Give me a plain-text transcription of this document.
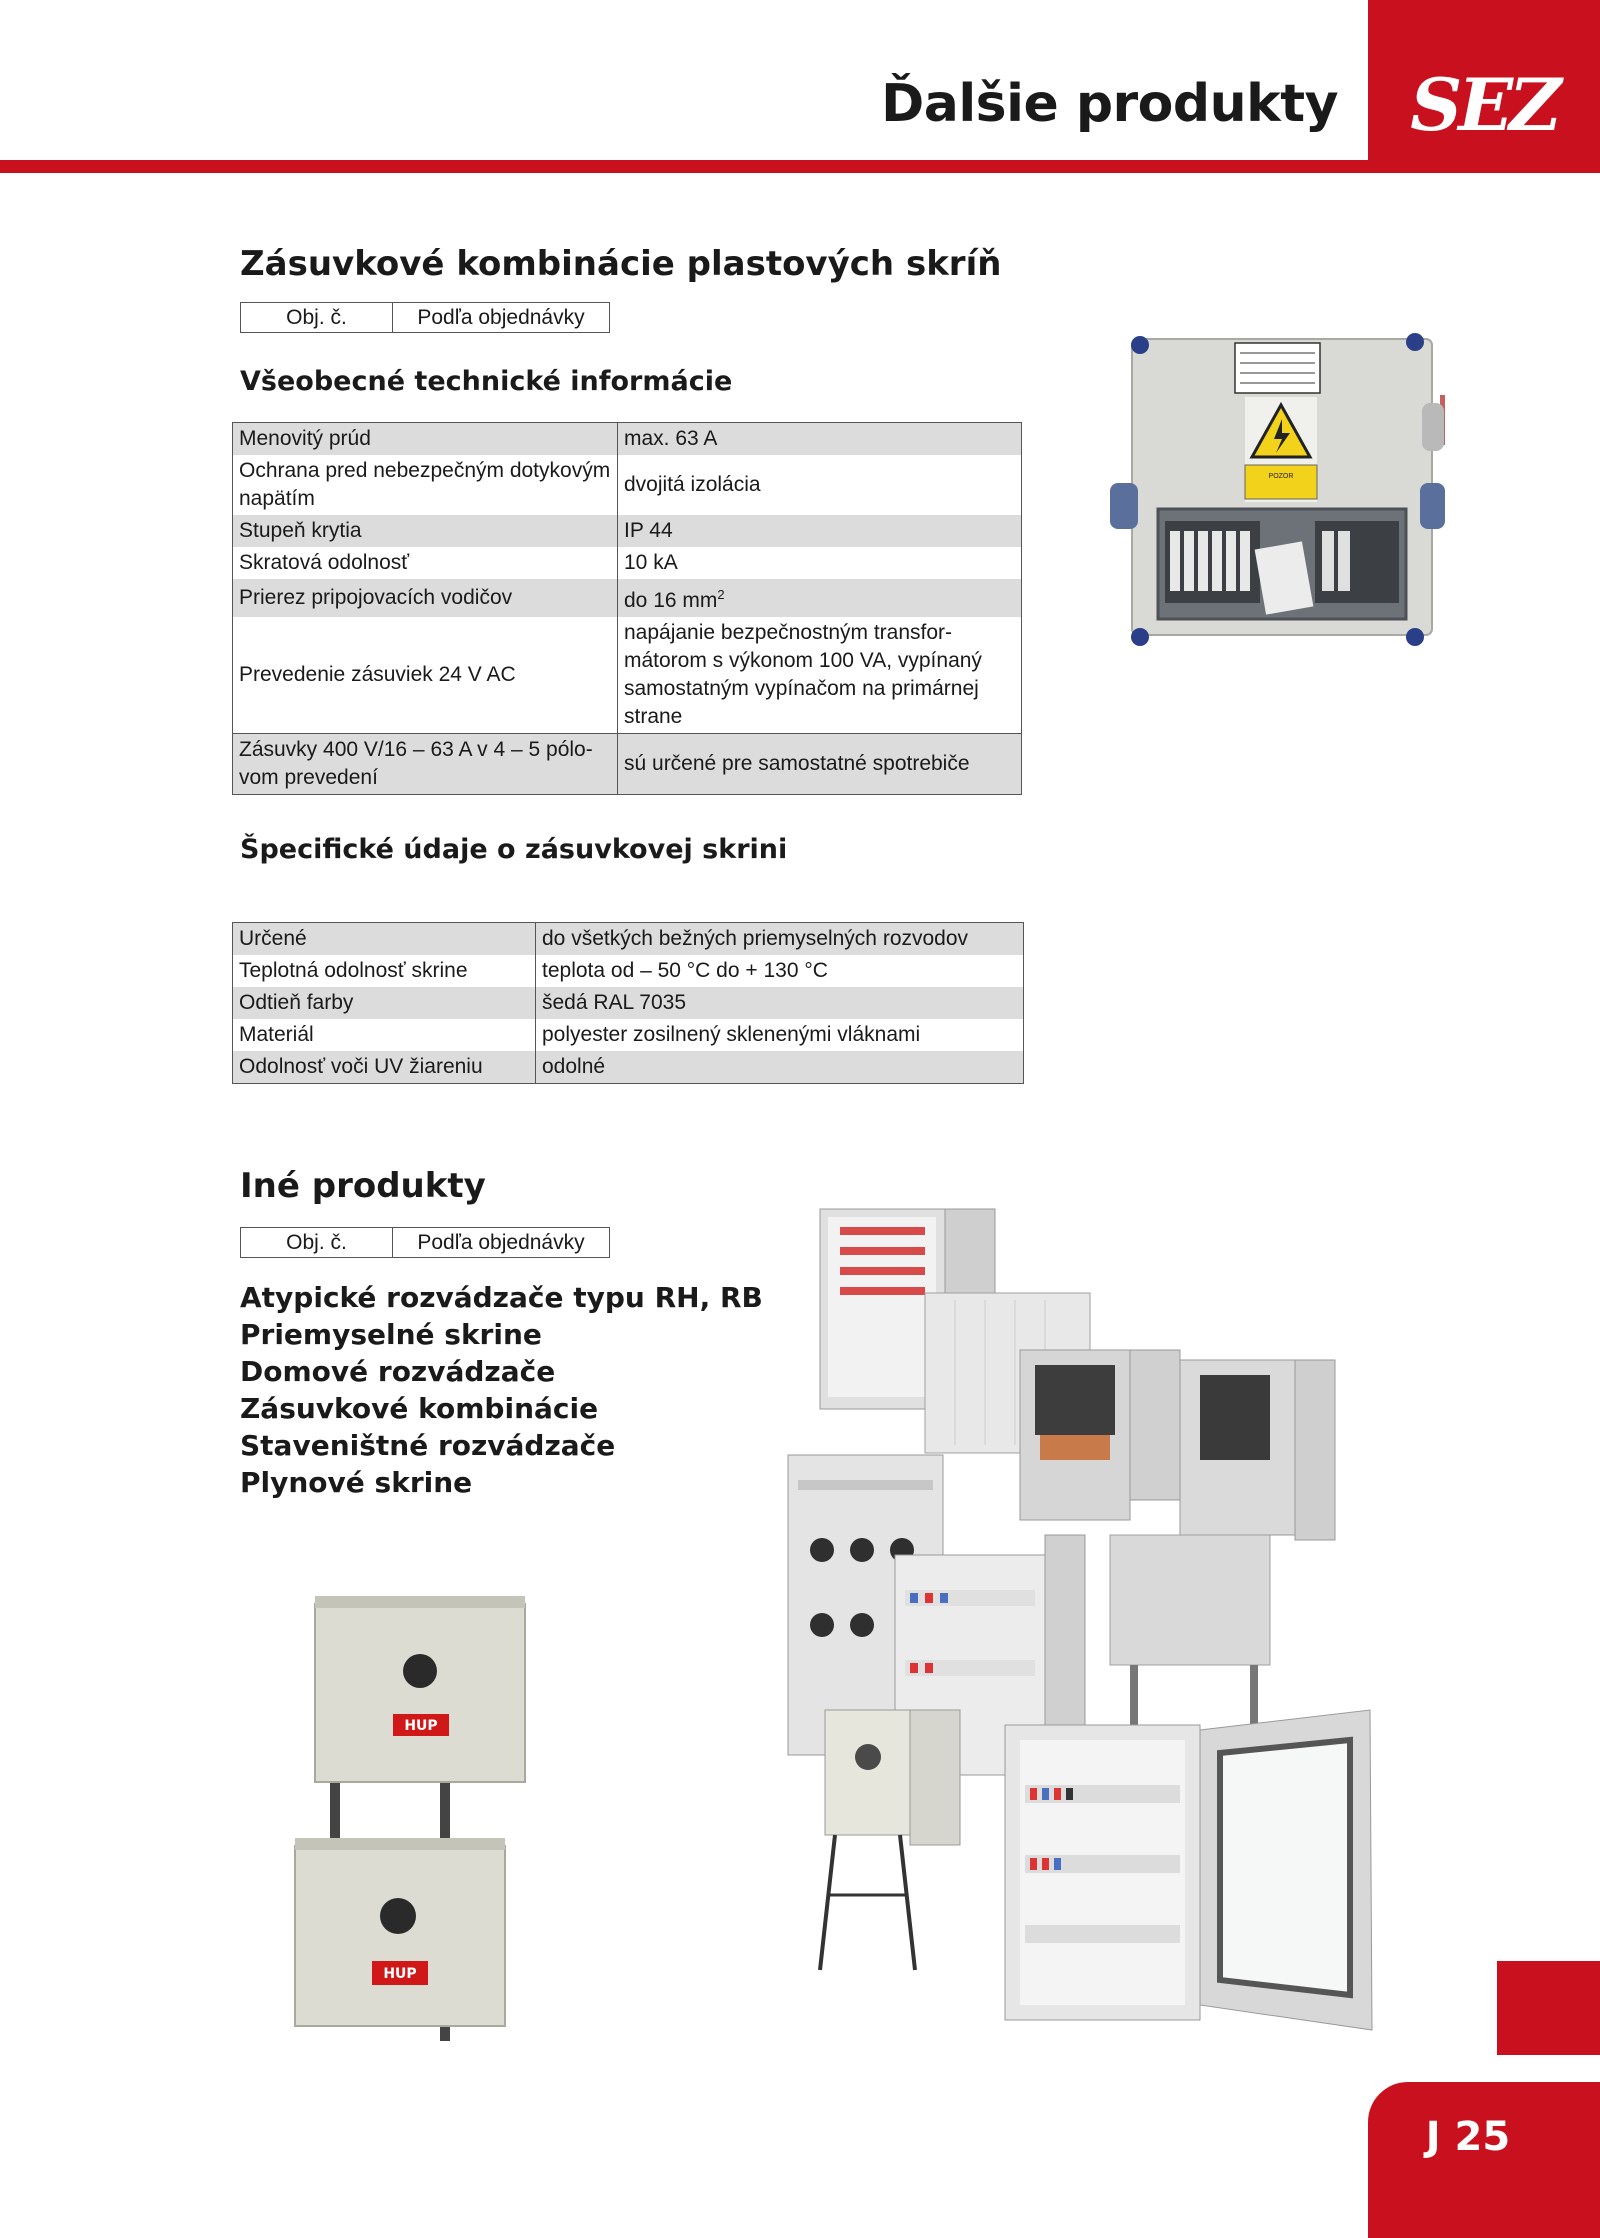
Ďalšie produkty	SEZ
Zásuvkové kombinácie plastových skríň
Obj. č.	Podľa objednávky
Všeobecné technické informácie
Menovitý prúd	max. 63 A
Ochrana pred nebezpečným dotykovým napätím	dvojitá izolácia
Stupeň krytia	IP 44
Skratová odolnosť	10 kA
Prierez pripojovacích vodičov	do 16 $mm^2$
Prevedenie zásuviek 24 V AC	napájanie bezpečnostným transfor-mátorom s výkonom 100 VA, vypínaný samostatným vypínačom na primárnej strane
Zásuvky 400 V/16 – 63 A v 4 – 5 pólo-vom prevedení	sú určené pre samostatné spotrebiče
Špecifické údaje o zásuvkovej skrini
Určené	do všetkých bežných priemyselných rozvodov
Teplotná odolnosť skrine	teplota od – 50 °C do + 130 °C
Odtieň farby	šedá RAL 7035
Materiál	polyester zosilnený sklenenými vláknami
Odolnosť voči UV žiareniu	odolné
POZOR
Iné produkty
Obj. č.	Podľa objednávky
Atypické rozvádzače typu RH, RB
Priemyselné skrine
Domové rozvádzače
Zásuvkové kombinácie
Staveništné rozvádzače
Plynové skrine
HUP
HUP
J 25
